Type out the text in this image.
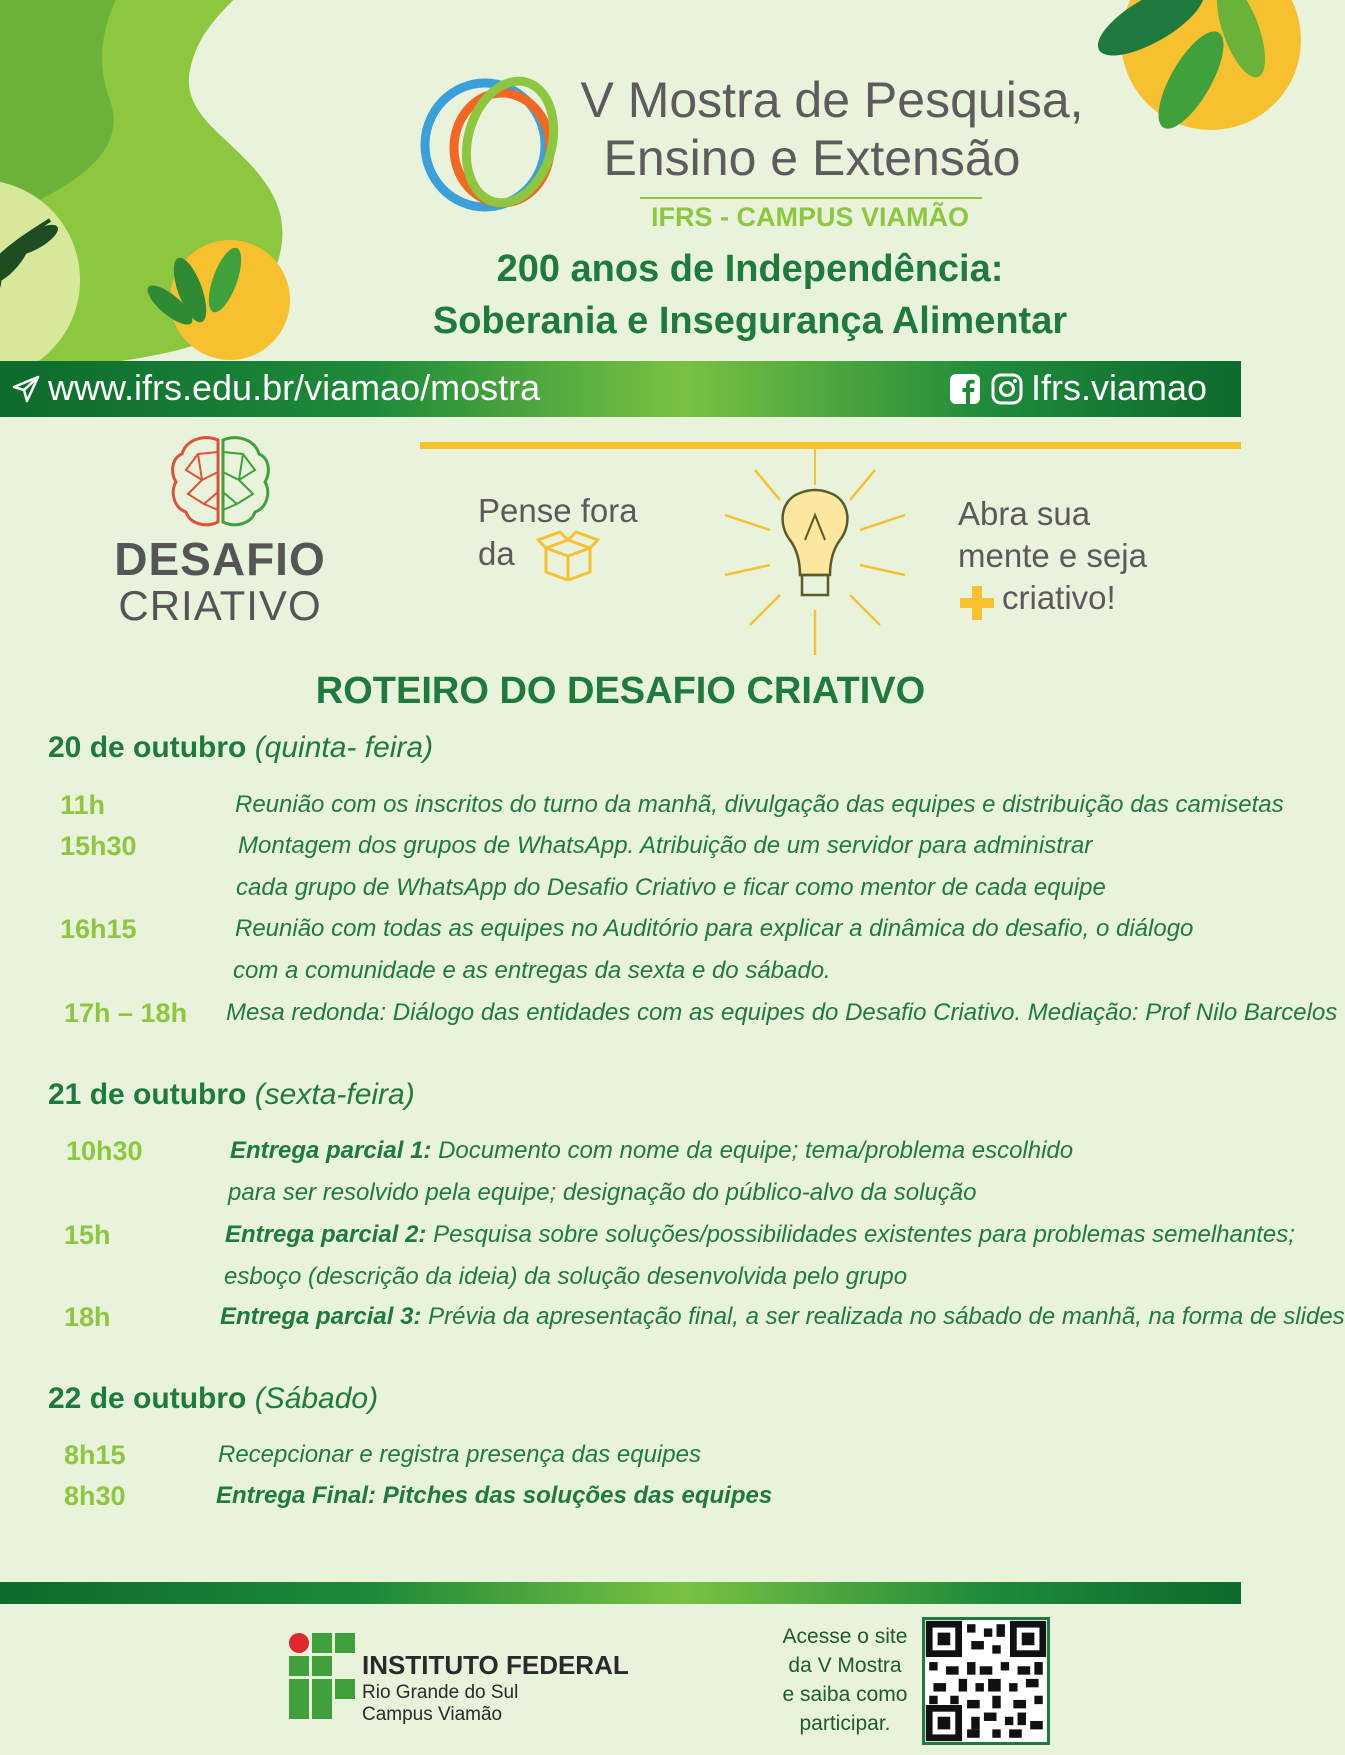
V Mostra de Pesquisa,
Ensino e Extensão
IFRS - CAMPUS VIAMÃO
200 anos de Independência:
Soberania e Insegurança Alimentar
www.ifrs.edu.br/viamao/mostra	Ifrs.viamao
DESAFIO
CRIATIVO
Pense fora
da
Abra sua
mente e seja
criativo!
ROTEIRO DO DESAFIO CRIATIVO
20 de outubro (quinta- feira)
11h	Reunião com os inscritos do turno da manhã, divulgação das equipes e distribuição das camisetas
15h30	Montagem dos grupos de WhatsApp. Atribuição de um servidor para administrar
cada grupo de WhatsApp do Desafio Criativo e ficar como mentor de cada equipe
16h15	Reunião com todas as equipes no Auditório para explicar a dinâmica do desafio, o diálogo
com a comunidade e as entregas da sexta e do sábado.
17h – 18h Mesa redonda: Diálogo das entidades com as equipes do Desafio Criativo. Mediação: Prof Nilo Barcelos
21 de outubro (sexta-feira)
10h30	Entrega parcial 1: Documento com nome da equipe; tema/problema escolhido
para ser resolvido pela equipe; designação do público-alvo da solução
15h	Entrega parcial 2: Pesquisa sobre soluções/possibilidades existentes para problemas semelhantes;
esboço (descrição da ideia) da solução desenvolvida pelo grupo
18h	Entrega parcial 3: Prévia da apresentação final, a ser realizada no sábado de manhã, na forma de slides
22 de outubro (Sábado)
8h15	Recepcionar e registra presença das equipes
8h30	Entrega Final: Pitches das soluções das equipes
INSTITUTO FEDERAL
Rio Grande do Sul
Campus Viamão
Acesse o site
da V Mostra
e saiba como
participar.
